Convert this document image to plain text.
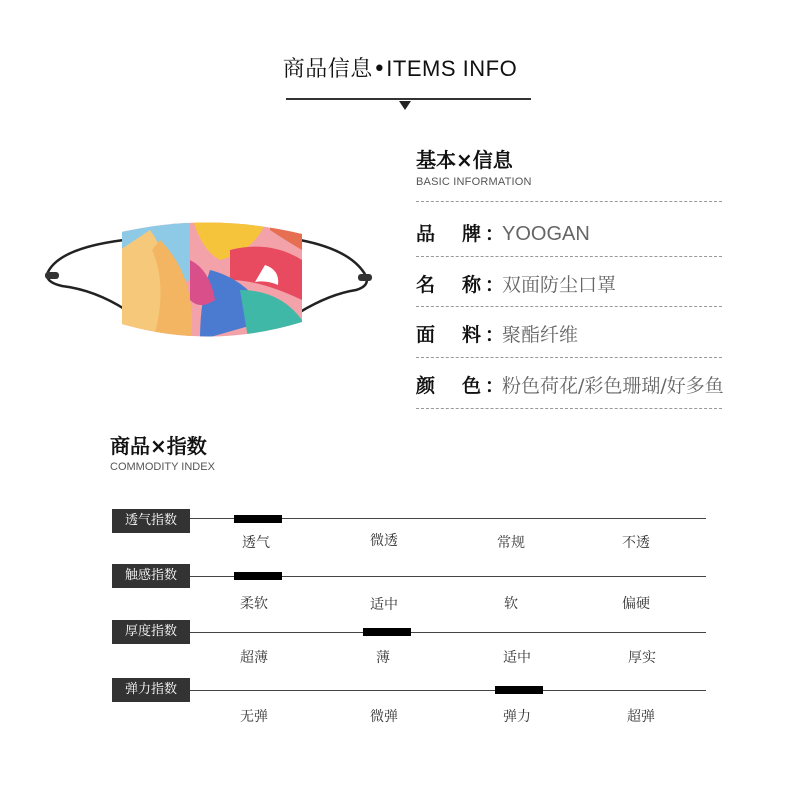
商品信息•ITEMS INFO
基本×信息
BASIC INFORMATION
品　牌：YOOGAN
名　称：双面防尘口罩
面　料：聚酯纤维
颜　色：粉色荷花/彩色珊瑚/好多鱼
商品×指数
COMMODITY INDEX
透气指数
透气	微透	常规	不透
触感指数
柔软	适中	软	偏硬
厚度指数
超薄	薄	适中	厚实
弹力指数
无弹	微弹	弹力	超弹
